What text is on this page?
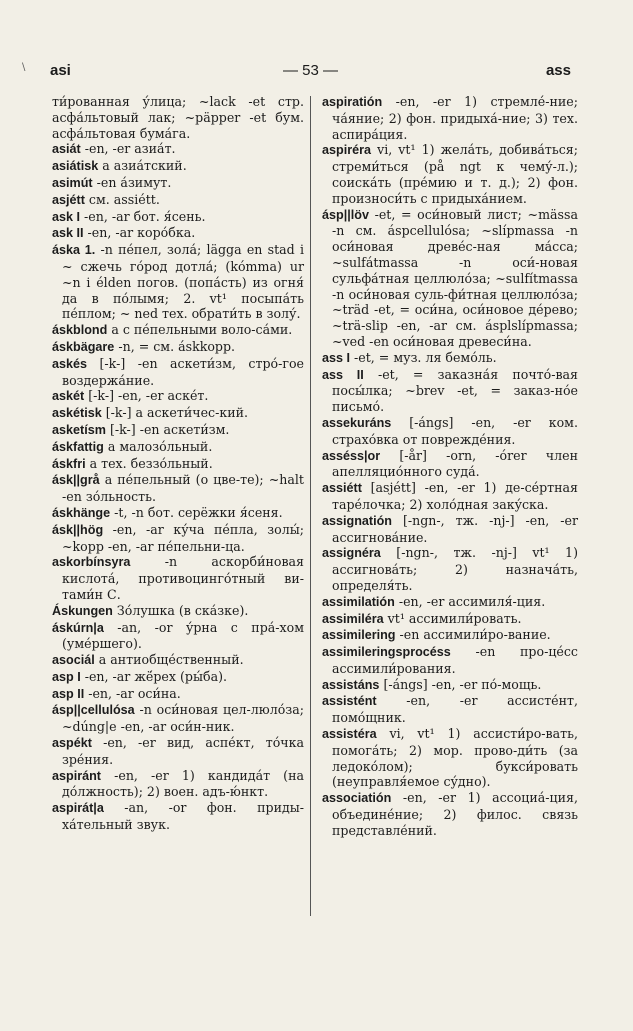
\ asi	— 53 —	ass

ти́рованная у́лица; ~lack -et стр. асфа́льтовый лак; ~päpper -et бум. асфа́льтовая бума́га.

asiát -en, -er азиа́т.

asiátisk a азиа́тский.

asimút -en а́зимут.

asjétt см. assiétt.

ask I -en, -ar бот. я́сень.

ask II -en, -ar коро́бка.

áska 1. -n пе́пел, зола́; lägga en stad i ~ сжечь го́род дотла́; (kómma) ur ~n i élden погов. (попа́сть) из огня́ да в по́лымя; 2. vt¹ посыпа́ть пе́плом; ~ ned тех. обрати́ть в золу́.

áskblond a с пе́пельными воло-са́ми.

áskbägare -n, = см. áskkopp.

askés [-k-] -en аскети́зм, стро́-гое воздержа́ние.

askét [-k-] -en, -er аске́т.

askétisk [-k-] a аскети́чес-кий.

asketísm [-k-] -en аскети́зм.

áskfattig a малозо́льный.

áskfri a тех. беззо́льный.

ásk||grå a пе́пельный (о цве-те); ~halt -en зо́льность.

áskhänge -t, -n бот. серёжки я́сеня.

ásk||hög -en, -ar ку́ча пе́пла, золы́; ~kopp -en, -ar пе́пельни-ца.

askorbínsyra	-n аскорби́новая кислота́, противоцинго́тный ви-тами́н С.

Áskungen Зо́лушка (в ска́зке).

áskúrn|a -an, -or у́рна с пра́-хом (уме́ршего).

asociál a антиобще́ственный.

asp I -en, -ar жё́рех (ры́ба).

asp II -en, -ar оси́на.

ásp||cellulósa -n оси́новая цел-люло́за; ~dúng|e -en, -ar оси́н-ник.

aspékt -en, -er вид, аспе́кт, то́чка зре́ния.

aspiránt -en, -er 1) кандида́т (на до́лжность); 2) воен. адъ-ю́нкт.

aspirát|a -an, -or фон. приды-ха́тельный звук.

aspiratión -en, -er 1) стремле́-ние; ча́яние; 2) фон. придыха́-ние; 3) тех. аспира́ция.

aspiréra vi, vt¹ 1) жела́ть, добива́ться; стреми́ться (på ngt к чему́-л.); соиска́ть (пре́мию и т. д.); 2) фон. произноси́ть с придыха́нием.

ásp||löv -et, = оси́новый лист; ~mässa -n см. áspcellulósa; ~slípmassa -n оси́новая древе́с-ная ма́сса; ~sulfátmassa -n оси́-новая сульфа́тная целлюло́за; ~sulfítmassa -n оси́новая суль-фи́тная целлюло́за; ~träd -et, = оси́на, оси́новое де́рево; ~trä-slip -en, -ar см. ásplslípmassa; ~ved -en оси́новая древеси́на.

ass I -et, = муз. ля бемо́ль.

ass II -et, = заказна́я почто́-вая посы́лка; ~brev -et, = заказ-но́е письмо́.

assekuráns [-ángs] -en, -er ком. страхо́вка от поврежде́ния.

asséss|or [-år] -orn, -órer член апелляцио́нного суда́.

assiétt [asjétt] -en, -er 1) де-се́ртная таре́лочка; 2) холо́дная заку́ска.

assignatión [-ngn-, тж. -nj-] -en, -er ассигнова́ние.

assignéra [-ngn-, тж. -nj-] vt¹ 1) ассигнова́ть; 2) назнача́ть, определя́ть.

assimilatión -en, -er ассимиля́-ция.

assimiléra vt¹ ассимили́ровать.

assimilering -en ассимили́ро-вание.

assimileringsprocéss -en про-це́сс ассимили́рования.

assistáns [-ángs] -en, -er по́-мощь.

assistént -en, -er ассисте́нт, помо́щник.

assistéra vi, vt¹ 1) ассисти́ро-вать, помога́ть; 2) мор. прово-ди́ть (за ледоко́лом); букси́ровать (неуправля́емое су́дно).

associatión -en, -er 1) ассоциа́-ция, объедине́ние; 2) филос. связь представле́ний.
